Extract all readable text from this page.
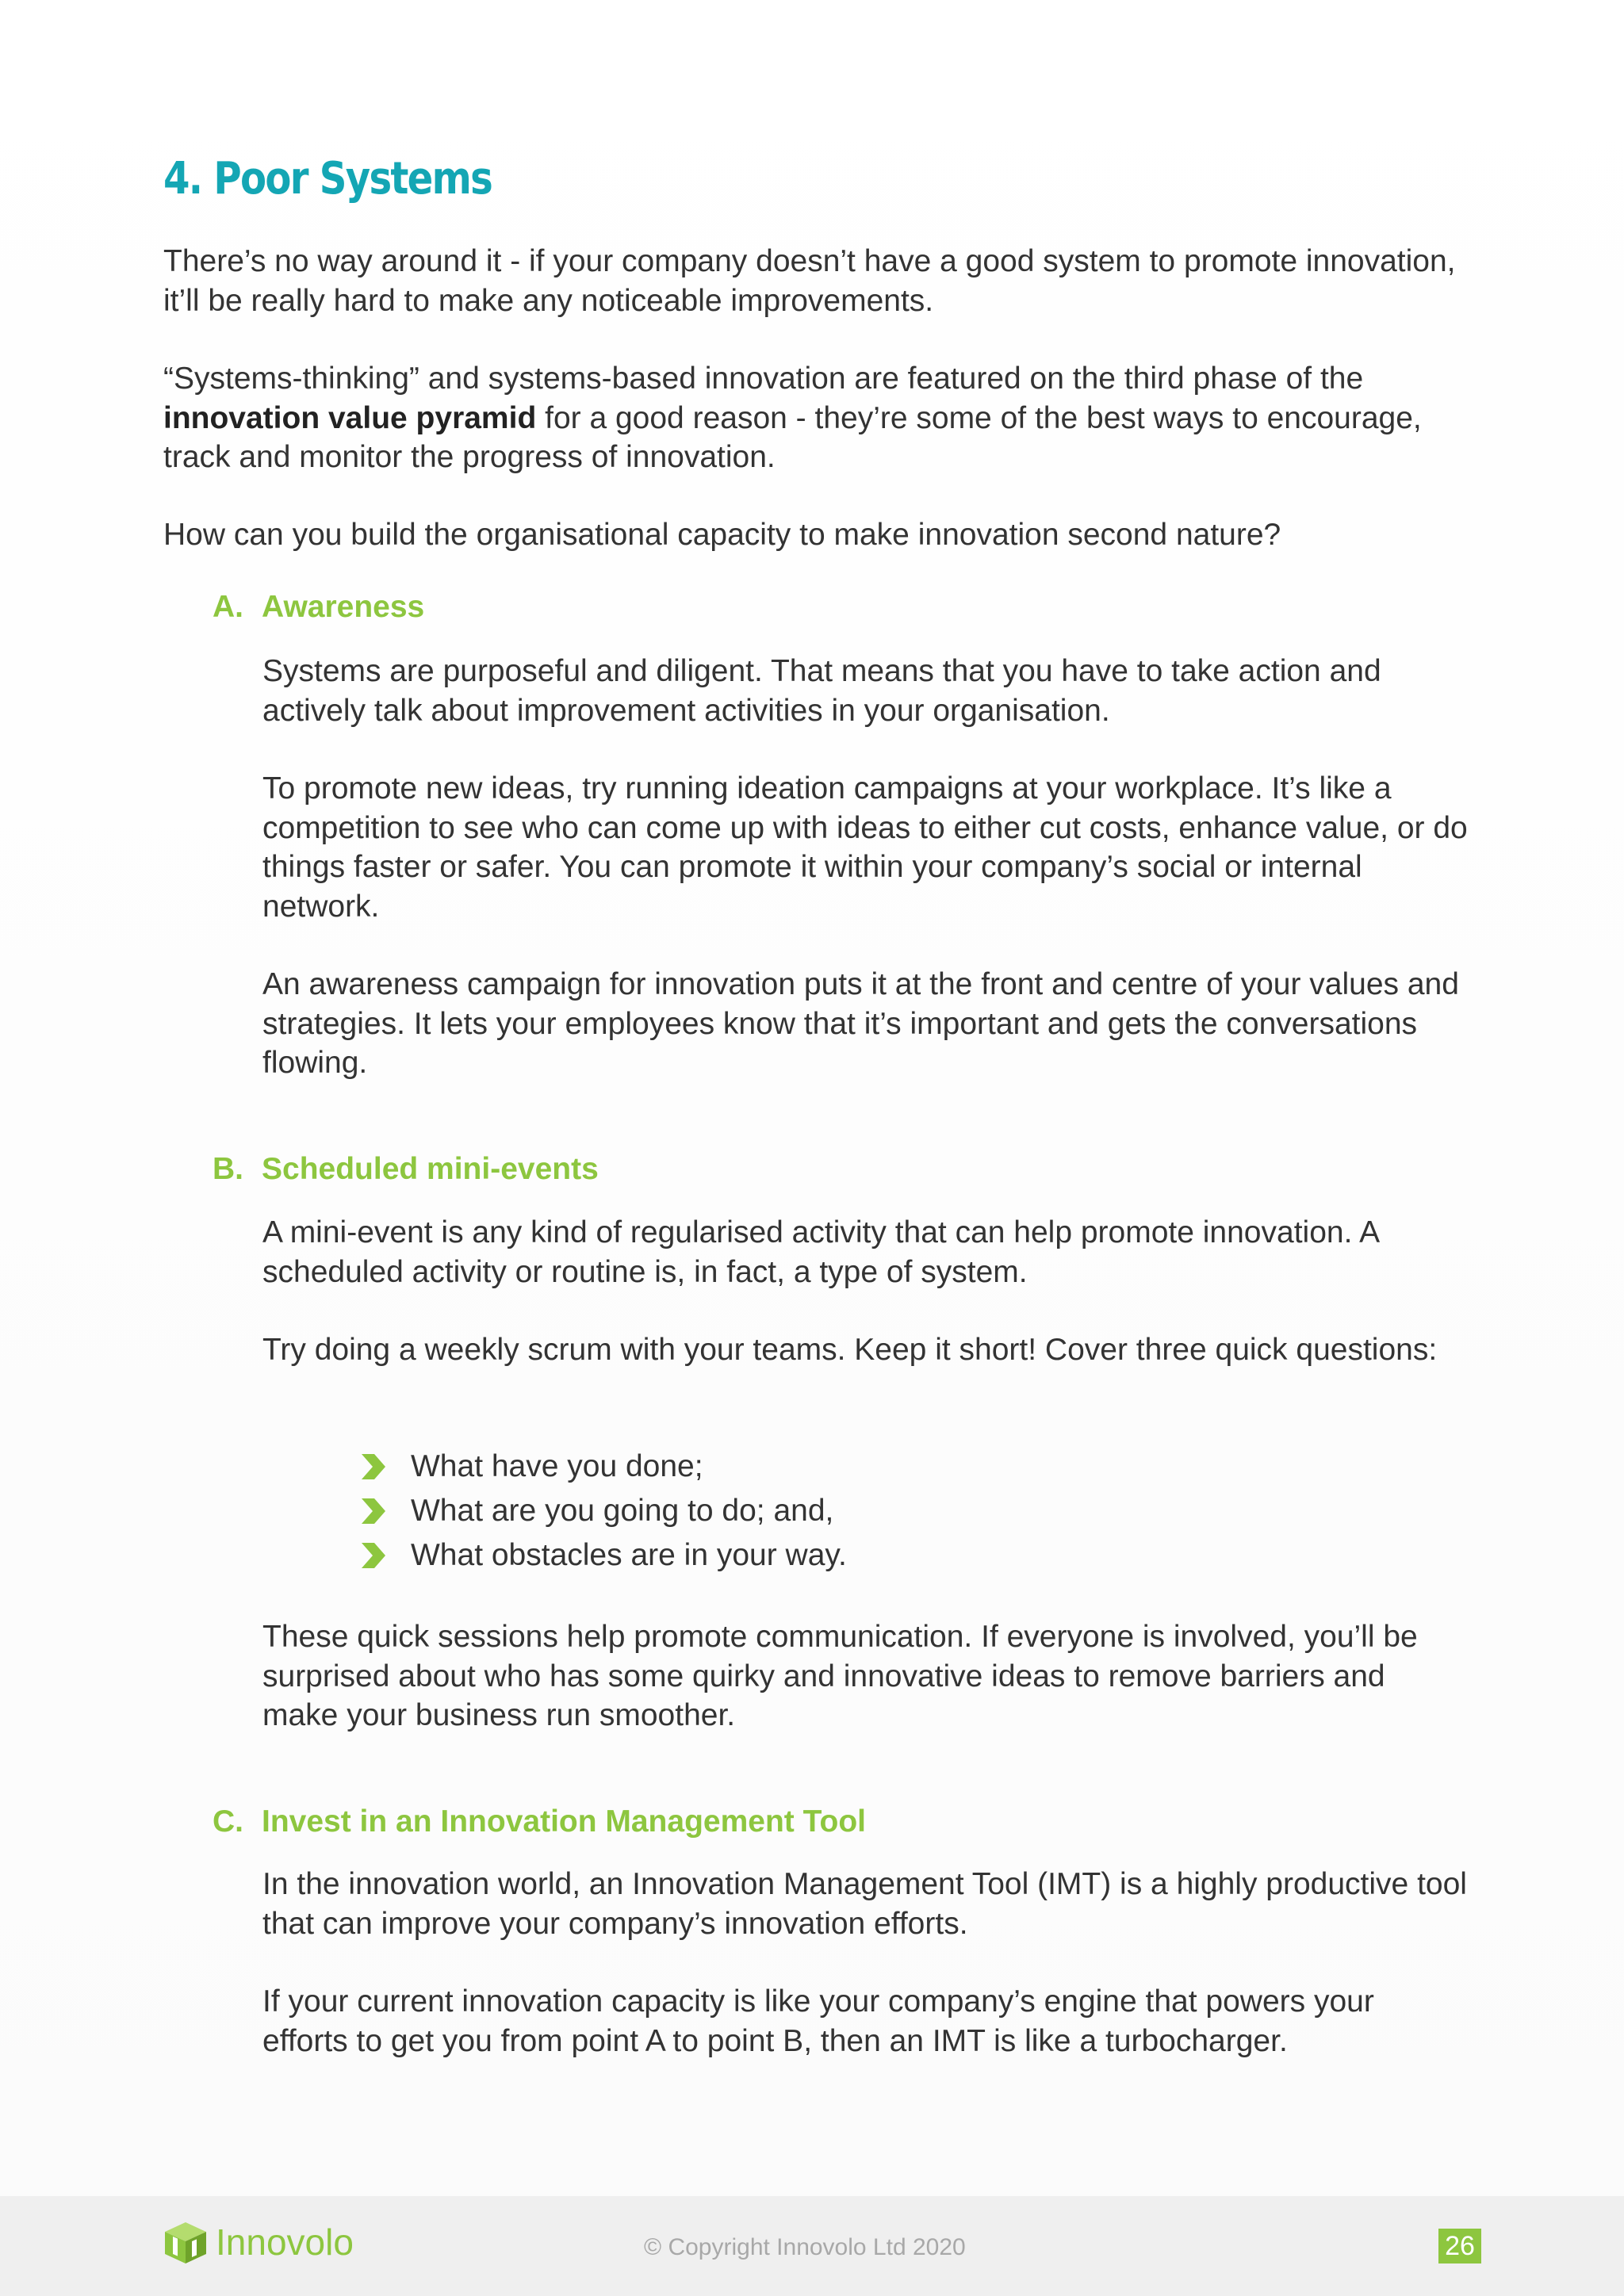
4. Poor Systems

There’s no way around it - if your company doesn’t have a good system to promote innovation, it’ll be really hard to make any noticeable improvements.

“Systems-thinking” and systems-based innovation are featured on the third phase of the innovation value pyramid for a good reason - they’re some of the best ways to encourage, track and monitor the progress of innovation.

How can you build the organisational capacity to make innovation second nature?

A. Awareness

Systems are purposeful and diligent. That means that you have to take action and actively talk about improvement activities in your organisation.

To promote new ideas, try running ideation campaigns at your workplace. It’s like a competition to see who can come up with ideas to either cut costs, enhance value, or do things faster or safer. You can promote it within your company’s social or internal network.

An awareness campaign for innovation puts it at the front and centre of your values and strategies. It lets your employees know that it’s important and gets the conversations flowing.

B. Scheduled mini-events

A mini-event is any kind of regularised activity that can help promote innovation. A scheduled activity or routine is, in fact, a type of system.

Try doing a weekly scrum with your teams. Keep it short! Cover three quick questions:

What have you done;
What are you going to do; and,
What obstacles are in your way.

These quick sessions help promote communication. If everyone is involved, you’ll be surprised about who has some quirky and innovative ideas to remove barriers and make your business run smoother.

C. Invest in an Innovation Management Tool

In the innovation world, an Innovation Management Tool (IMT) is a highly productive tool that can improve your company’s innovation efforts.

If your current innovation capacity is like your company’s engine that powers your efforts to get you from point A to point B, then an IMT is like a turbocharger.

Innovolo	© Copyright Innovolo Ltd 2020	26
